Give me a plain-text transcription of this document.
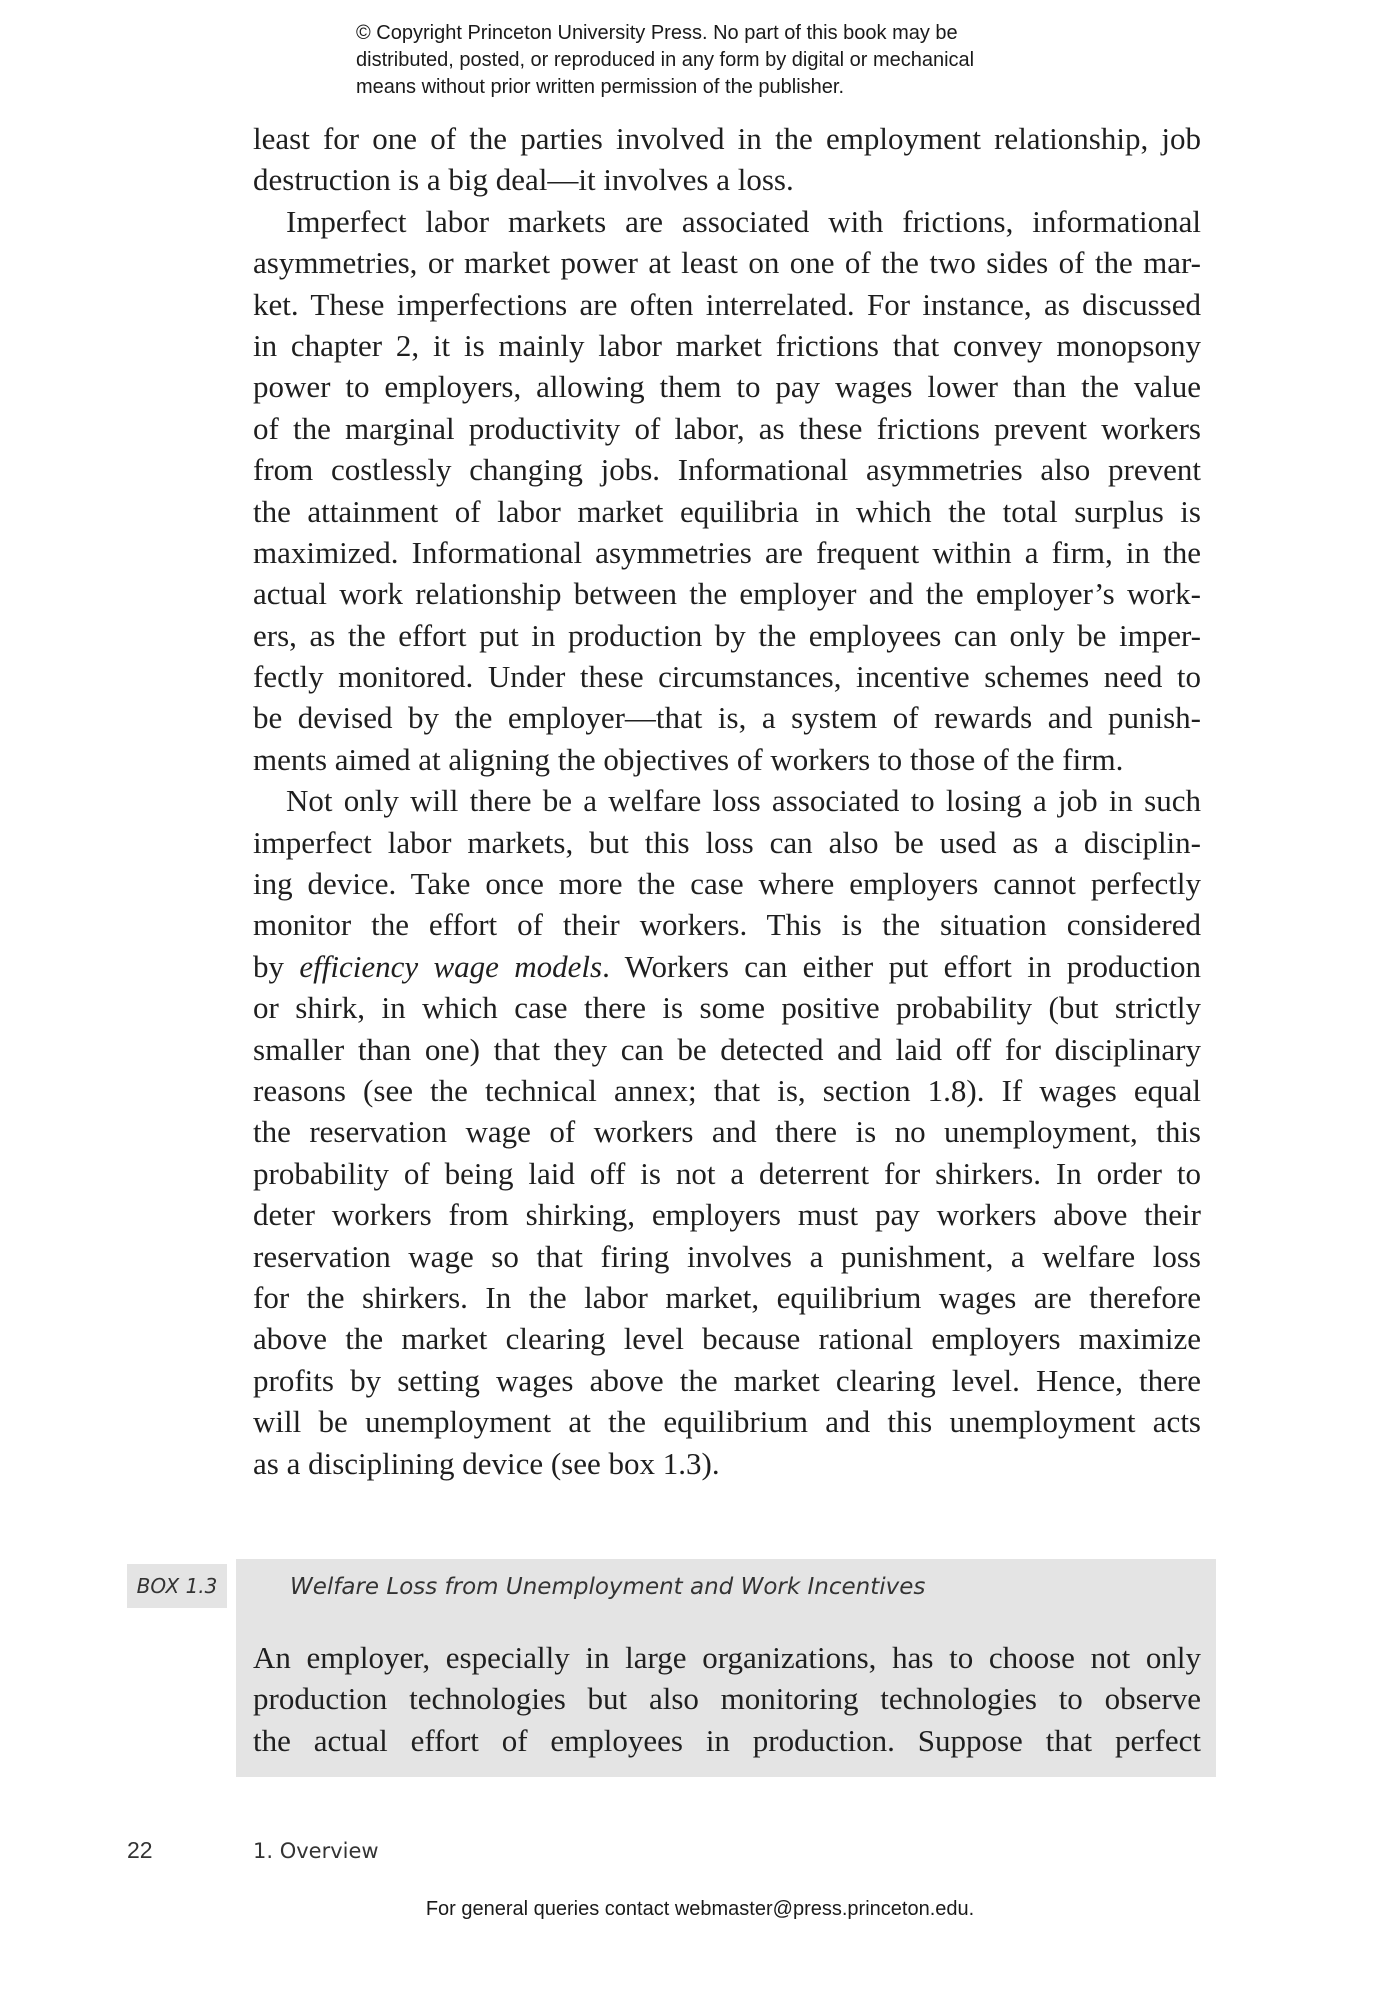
© Copyright Princeton University Press. No part of this book may be
distributed, posted, or reproduced in any form by digital or mechanical
means without prior written permission of the publisher.
least for one of the parties involved in the employment relationship, job
destruction is a big deal—it involves a loss.
Imperfect labor markets are associated with frictions, informational
asymmetries, or market power at least on one of the two sides of the mar-
ket. These imperfections are often interrelated. For instance, as discussed
in chapter 2, it is mainly labor market frictions that convey monopsony
power to employers, allowing them to pay wages lower than the value
of the marginal productivity of labor, as these frictions prevent workers
from costlessly changing jobs. Informational asymmetries also prevent
the attainment of labor market equilibria in which the total surplus is
maximized. Informational asymmetries are frequent within a firm, in the
actual work relationship between the employer and the employer’s work-
ers, as the effort put in production by the employees can only be imper-
fectly monitored. Under these circumstances, incentive schemes need to
be devised by the employer—that is, a system of rewards and punish-
ments aimed at aligning the objectives of workers to those of the firm.
Not only will there be a welfare loss associated to losing a job in such
imperfect labor markets, but this loss can also be used as a disciplin-
ing device. Take once more the case where employers cannot perfectly
monitor the effort of their workers. This is the situation considered
by efficiency wage models. Workers can either put effort in production
or shirk, in which case there is some positive probability (but strictly
smaller than one) that they can be detected and laid off for disciplinary
reasons (see the technical annex; that is, section 1.8). If wages equal
the reservation wage of workers and there is no unemployment, this
probability of being laid off is not a deterrent for shirkers. In order to
deter workers from shirking, employers must pay workers above their
reservation wage so that firing involves a punishment, a welfare loss
for the shirkers. In the labor market, equilibrium wages are therefore
above the market clearing level because rational employers maximize
profits by setting wages above the market clearing level. Hence, there
will be unemployment at the equilibrium and this unemployment acts
as a disciplining device (see box 1.3).
BOX 1.3	Welfare Loss from Unemployment and Work Incentives
An employer, especially in large organizations, has to choose not only
production technologies but also monitoring technologies to observe
the actual effort of employees in production. Suppose that perfect
22	1. Overview
For general queries contact webmaster@press.princeton.edu.
